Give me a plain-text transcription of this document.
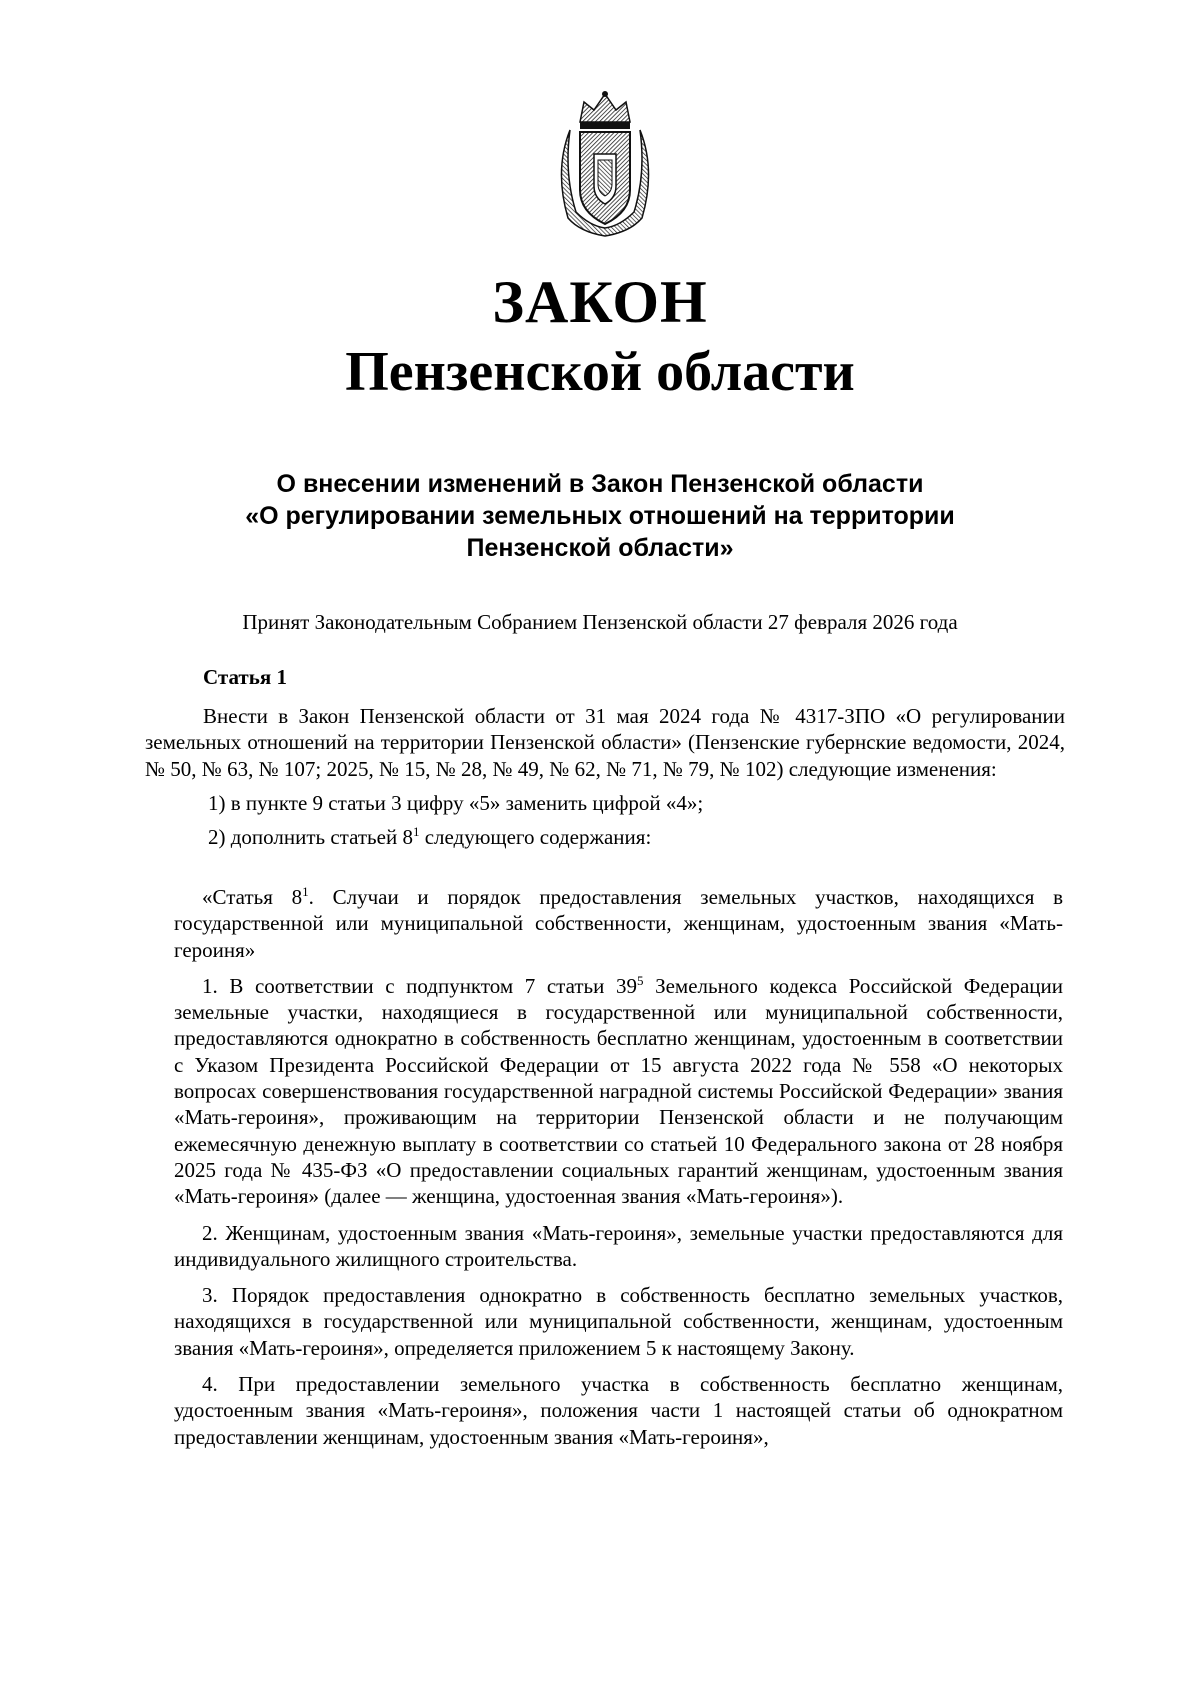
ЗАКОН
Пензенской области
О внесении изменений в Закон Пензенской области
«О регулировании земельных отношений на территории
Пензенской области»
Принят Законодательным Собранием Пензенской области 27 февраля 2026 года
Статья 1

Внести в Закон Пензенской области от 31 мая 2024 года № 4317-ЗПО «О регулировании земельных отношений на территории Пензенской области» (Пензенские губернские ведомости, 2024, № 50, № 63, № 107; 2025, № 15, № 28, № 49, № 62, № 71, № 79, № 102) следующие изменения:

1) в пункте 9 статьи 3 цифру «5» заменить цифрой «4»;

2) дополнить статьей $8^1$ следующего содержания:

«Статья $8^1$. Случаи и порядок предоставления земельных участков, находящихся в государственной или муниципальной собственности, женщинам, удостоенным звания «Мать-героиня»

1. В соответствии с подпунктом 7 статьи $39^5$ Земельного кодекса Российской Федерации земельные участки, находящиеся в государственной или муниципальной собственности, предоставляются однократно в собственность бесплатно женщинам, удостоенным в соответствии с Указом Президента Российской Федерации от 15 августа 2022 года № 558 «О некоторых вопросах совершенствования государственной наградной системы Российской Федерации» звания «Мать-героиня», проживающим на территории Пензенской области и не получающим ежемесячную денежную выплату в соответствии со статьей 10 Федерального закона от 28 ноября 2025 года № 435-ФЗ «О предоставлении социальных гарантий женщинам, удостоенным звания «Мать-героиня» (далее — женщина, удостоенная звания «Мать-героиня»).

2. Женщинам, удостоенным звания «Мать-героиня», земельные участки предоставляются для индивидуального жилищного строительства.

3. Порядок предоставления однократно в собственность бесплатно земельных участков, находящихся в государственной или муниципальной собственности, женщинам, удостоенным звания «Мать-героиня», определяется приложением 5 к настоящему Закону.

4. При предоставлении земельного участка в собственность бесплатно женщинам, удостоенным звания «Мать-героиня», положения части 1 настоящей статьи об однократном предоставлении женщинам, удостоенным звания «Мать-героиня»,
